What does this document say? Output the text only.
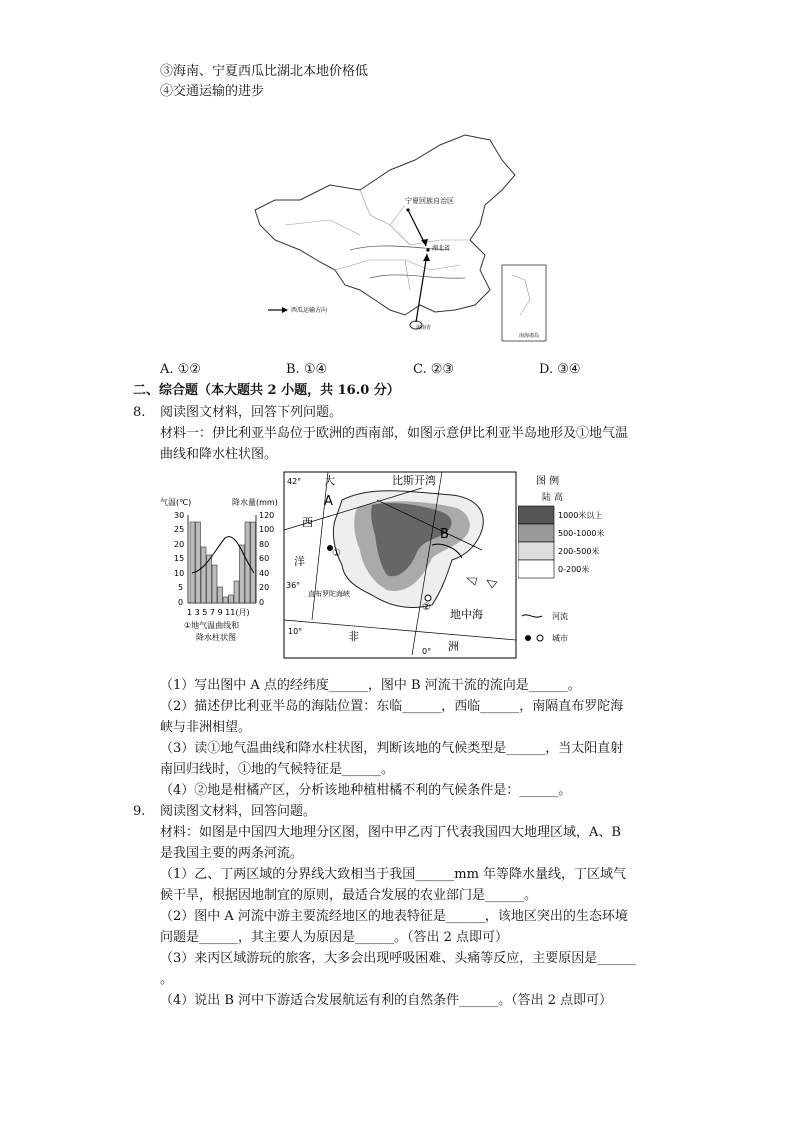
③海南、宁夏西瓜比湖北本地价格低
④交通运输的进步
宁夏回族自治区
湖北省
海南省
西瓜运输方向
南海诸岛
A. ①②	B. ①④	C. ②③	D. ③④
二、综合题（本大题共 2 小题，共 16.0 分）
8. 阅读图文材料，回答下列问题。
材料一：伊比利亚半岛位于欧洲的西南部，如图示意伊比利亚半岛地形及①地气温
曲线和降水柱状图。
气温(℃)	降水量(mm)
30
25
20
15
10
5
0
120
100
80
60
40
20
0
1 3 5 7 9 11(月)
①地气温曲线和
降水柱状图
42°
36°
10°
0°
大
西
洋
比斯开湾
地中海
直布罗陀海峡
非
洲
A
B
①
②
图 例
陆 高
1000米以上
500-1000米
200-500米
0-200米
河流
城市
（1）写出图中 A 点的经纬度______，图中 B 河流干流的流向是______。
（2）描述伊比利亚半岛的海陆位置：东临______，西临______，南隔直布罗陀海
峡与非洲相望。
（3）读①地气温曲线和降水柱状图，判断该地的气候类型是______，当太阳直射
南回归线时，①地的气候特征是______。
（4）②地是柑橘产区，分析该地种植柑橘不利的气候条件是：______。
9. 阅读图文材料，回答问题。
材料：如图是中国四大地理分区图，图中甲乙丙丁代表我国四大地理区域，A、B
是我国主要的两条河流。
（1）乙、丁两区域的分界线大致相当于我国______mm 年等降水量线，丁区域气
候干旱，根据因地制宜的原则，最适合发展的农业部门是______。
（2）图中 A 河流中游主要流经地区的地表特征是______，该地区突出的生态环境
问题是______，其主要人为原因是______。（答出 2 点即可）
（3）来丙区域游玩的旅客，大多会出现呼吸困难、头痛等反应，主要原因是______
。
（4）说出 B 河中下游适合发展航运有利的自然条件______。（答出 2 点即可）
